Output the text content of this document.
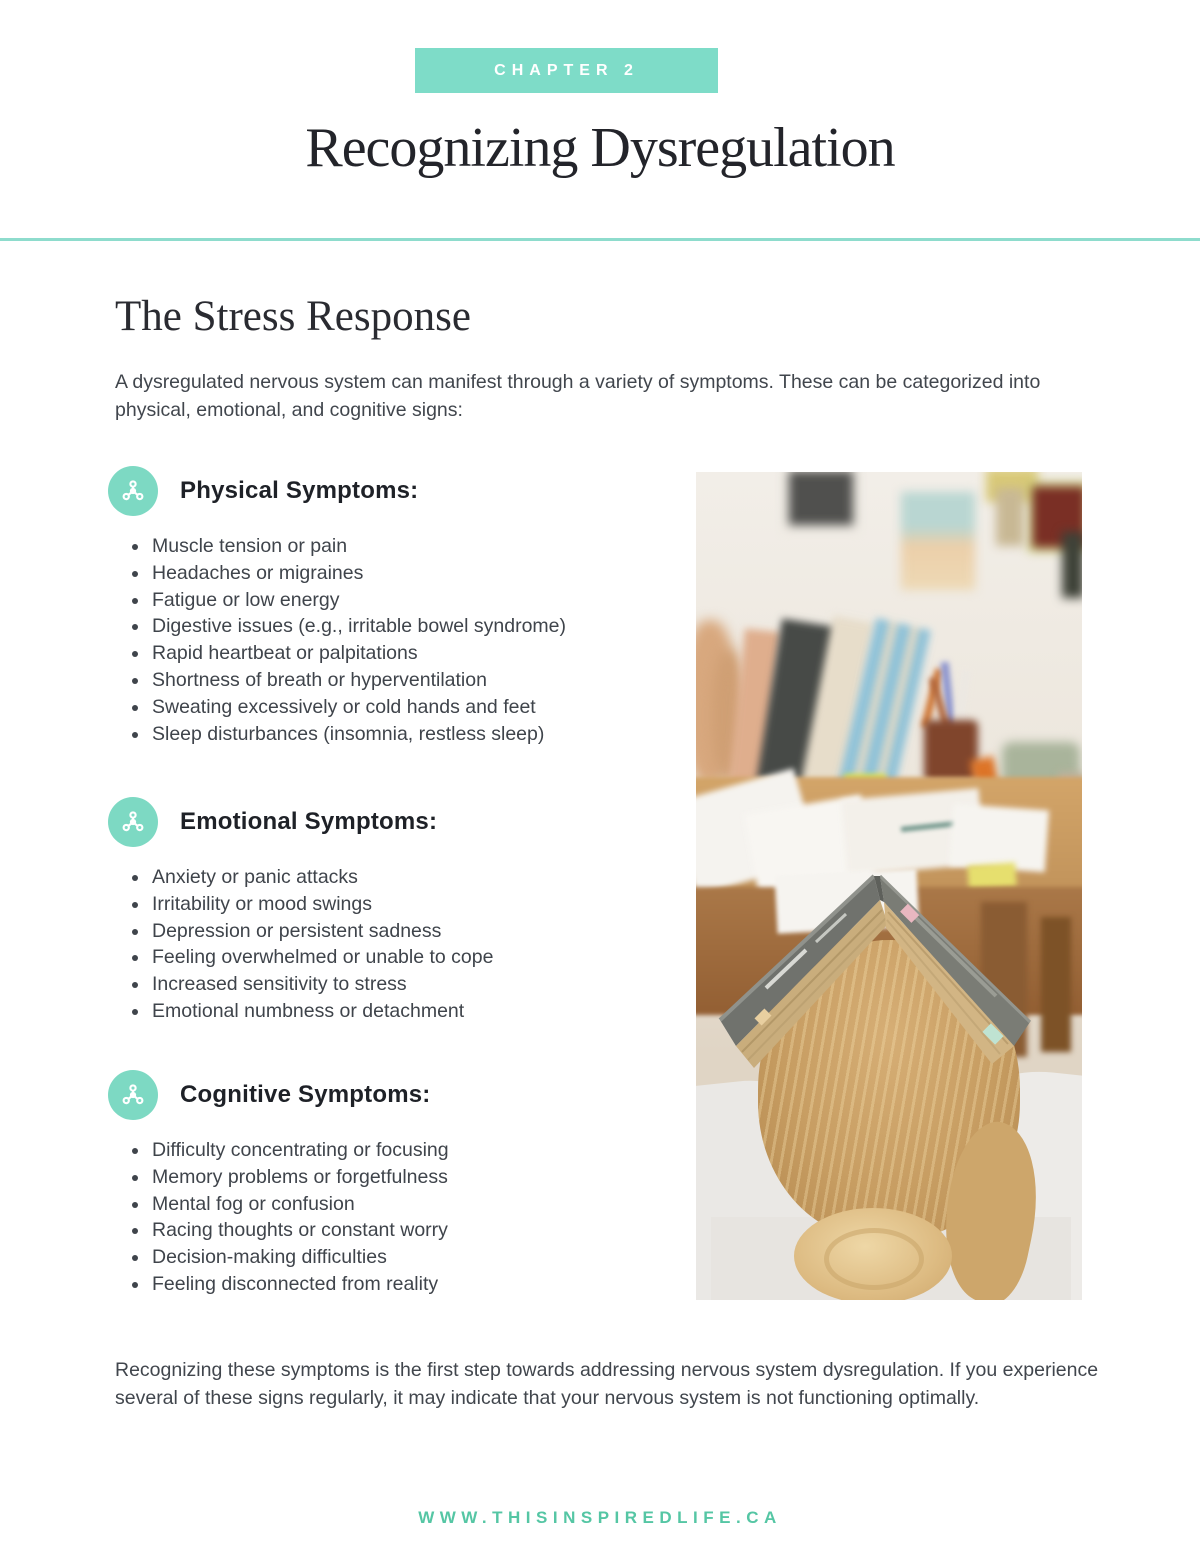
CHAPTER 2
Recognizing Dysregulation
The Stress Response

A dysregulated nervous system can manifest through a variety of symptoms. These can be categorized into physical, emotional, and cognitive signs:

Physical Symptoms:
• Muscle tension or pain
• Headaches or migraines
• Fatigue or low energy
• Digestive issues (e.g., irritable bowel syndrome)
• Rapid heartbeat or palpitations
• Shortness of breath or hyperventilation
• Sweating excessively or cold hands and feet
• Sleep disturbances (insomnia, restless sleep)
Emotional Symptoms:
• Anxiety or panic attacks
• Irritability or mood swings
• Depression or persistent sadness
• Feeling overwhelmed or unable to cope
• Increased sensitivity to stress
• Emotional numbness or detachment
Cognitive Symptoms:
• Difficulty concentrating or focusing
• Memory problems or forgetfulness
• Mental fog or confusion
• Racing thoughts or constant worry
• Decision-making difficulties
• Feeling disconnected from reality

Recognizing these symptoms is the first step towards addressing nervous system dysregulation. If you experience several of these signs regularly, it may indicate that your nervous system is not functioning optimally.

WWW.THISINSPIREDLIFE.CA
